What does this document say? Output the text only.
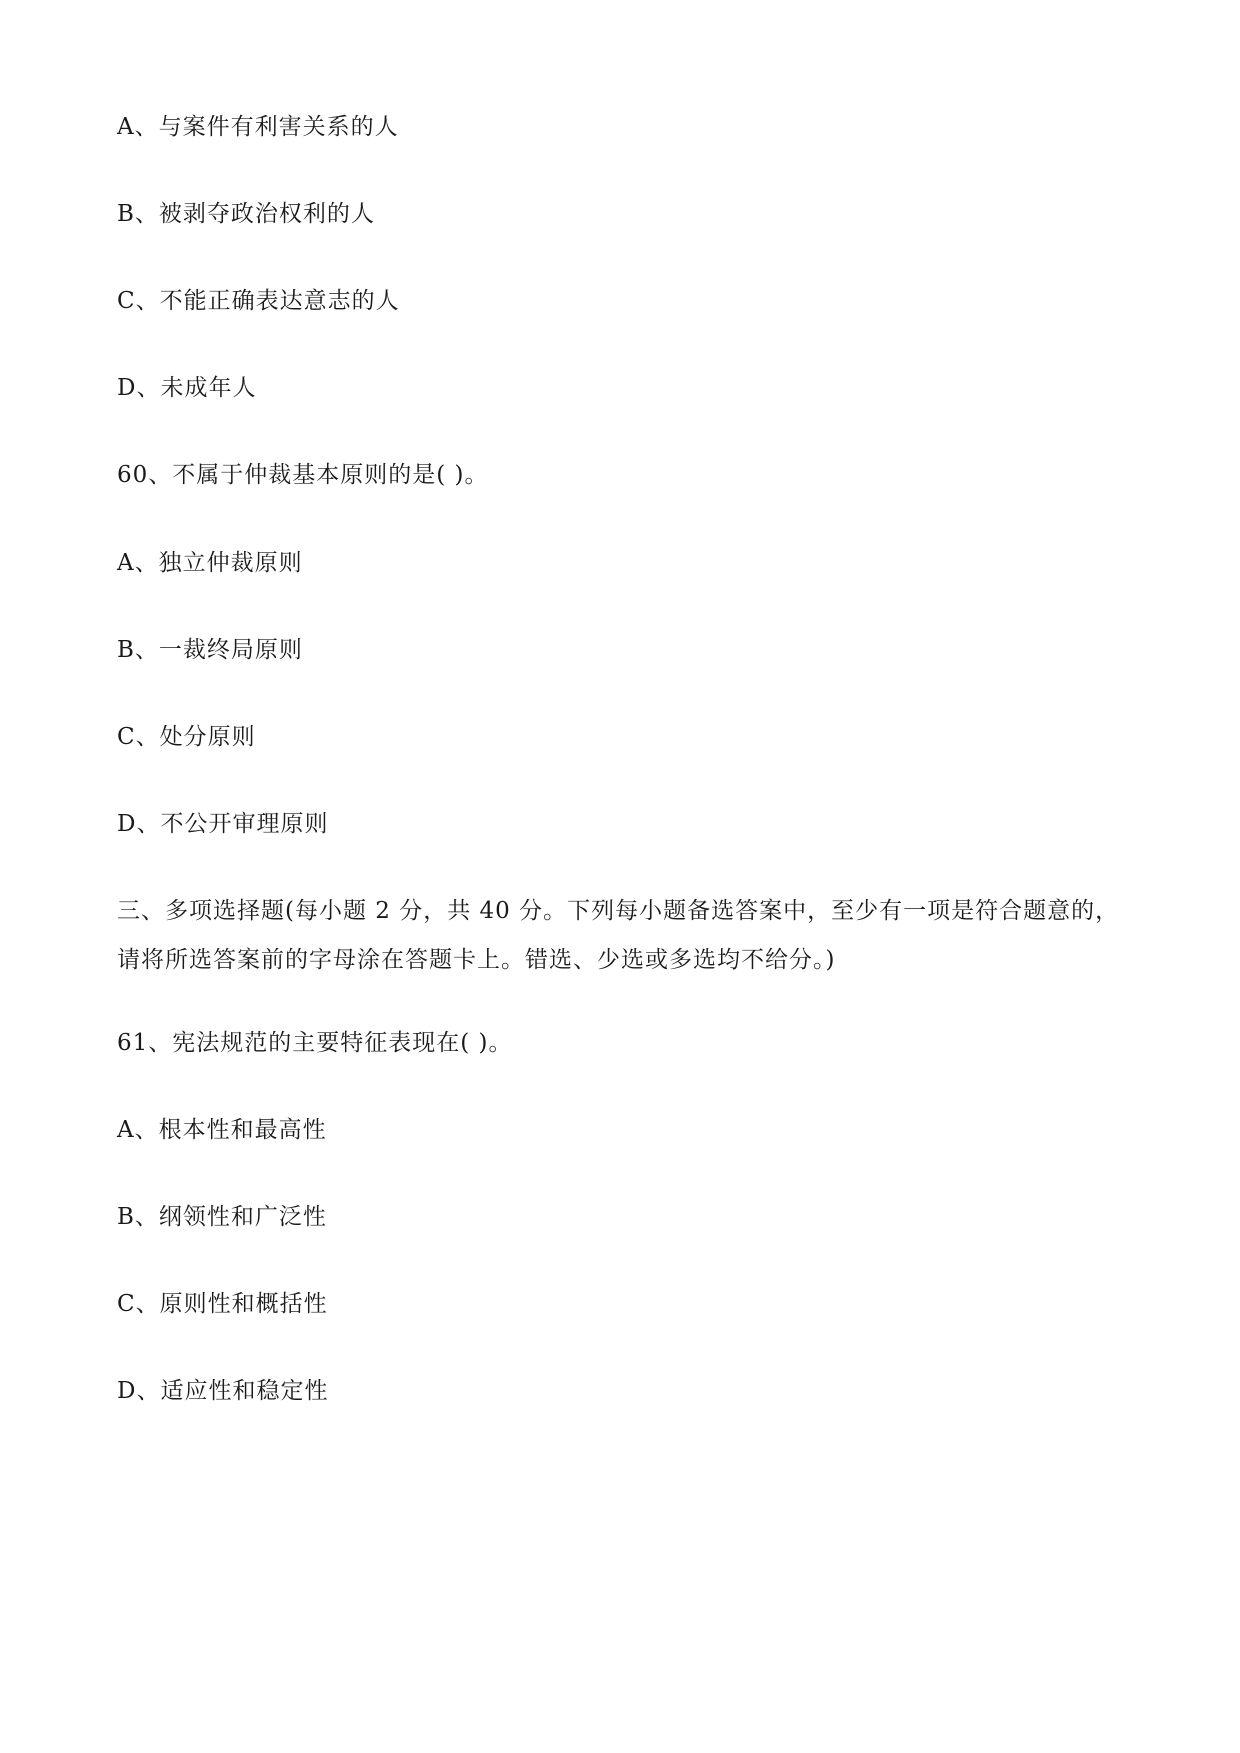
A、与案件有利害关系的人
B、被剥夺政治权利的人
C、不能正确表达意志的人
D、未成年人
60、不属于仲裁基本原则的是( )。
A、独立仲裁原则
B、一裁终局原则
C、处分原则
D、不公开审理原则
三、多项选择题(每小题 2 分，共 40 分。下列每小题备选答案中，至少有一项是符合题意的，
请将所选答案前的字母涂在答题卡上。错选、少选或多选均不给分。)
61、宪法规范的主要特征表现在( )。
A、根本性和最高性
B、纲领性和广泛性
C、原则性和概括性
D、适应性和稳定性
